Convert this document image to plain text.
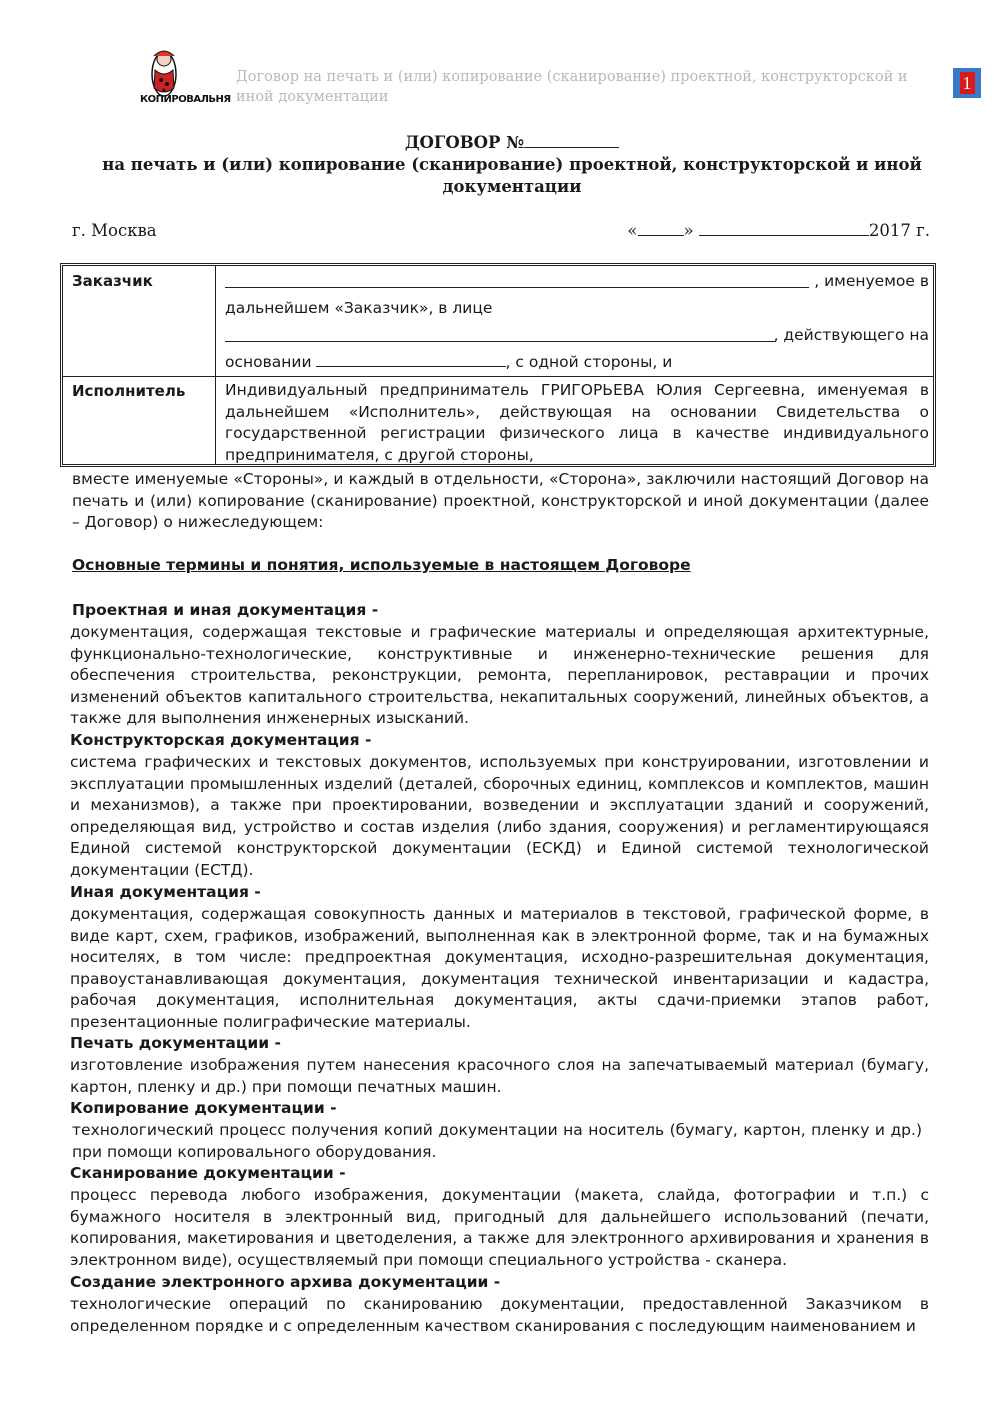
КОПИРОВАЛЬНЯ
Договор на печать и (или) копирование (сканирование) проектной, конструкторской и иной документации
1
ДОГОВОР №
на печать и (или) копирование (сканирование) проектной, конструкторской и иной документации
г. Москва	«	»	2017 г.
Заказчик	, именуемое в
дальнейшем «Заказчик», в лице
, действующего на
основании	, с одной стороны, и
Исполнитель	Индивидуальный предприниматель ГРИГОРЬЕВА Юлия Сергеевна, именуемая в дальнейшем «Исполнитель», действующая на основании Свидетельства о государственной регистрации физического лица в качестве индивидуального предпринимателя, с другой стороны,
вместе именуемые «Стороны», и каждый в отдельности, «Сторона», заключили настоящий Договор на печать и (или) копирование (сканирование) проектной, конструкторской и иной документации (далее – Договор) о нижеследующем:
Основные термины и понятия, используемые в настоящем Договоре
Проектная и иная документация -
документация, содержащая текстовые и графические материалы и определяющая архитектурные, функционально-технологические, конструктивные и инженерно-технические решения для обеспечения строительства, реконструкции, ремонта, перепланировок, реставрации и прочих изменений объектов капитального строительства, некапитальных сооружений, линейных объектов, а также для выполнения инженерных изысканий.
Конструкторская документация -
система графических и текстовых документов, используемых при конструировании, изготовлении и эксплуатации промышленных изделий (деталей, сборочных единиц, комплексов и комплектов, машин и механизмов), а также при проектировании, возведении и эксплуатации зданий и сооружений, определяющая вид, устройство и состав изделия (либо здания, сооружения) и регламентирующаяся Единой системой конструкторской документации (ЕСКД) и Единой системой технологической документации (ЕСТД).
Иная документация -
документация, содержащая совокупность данных и материалов в текстовой, графической форме, в виде карт, схем, графиков, изображений, выполненная как в электронной форме, так и на бумажных носителях, в том числе: предпроектная документация, исходно-разрешительная документация, правоустанавливающая документация, документация технической инвентаризации и кадастра, рабочая документация, исполнительная документация, акты сдачи-приемки этапов работ, презентационные полиграфические материалы.
Печать документации -
изготовление изображения путем нанесения красочного слоя на запечатываемый материал (бумагу, картон, пленку и др.) при помощи печатных машин.
Копирование документации -
технологический процесс получения копий документации на носитель (бумагу, картон, пленку и др.) при помощи копировального оборудования.
Сканирование документации -
процесс перевода любого изображения, документации (макета, слайда, фотографии и т.п.) с бумажного носителя в электронный вид, пригодный для дальнейшего использований (печати, копирования, макетирования и цветоделения, а также для электронного архивирования и хранения в электронном виде), осуществляемый при помощи специального устройства - сканера.
Создание электронного архива документации -
технологические операций по сканированию документации, предоставленной Заказчиком в определенном порядке и с определенным качеством сканирования с последующим наименованием и
